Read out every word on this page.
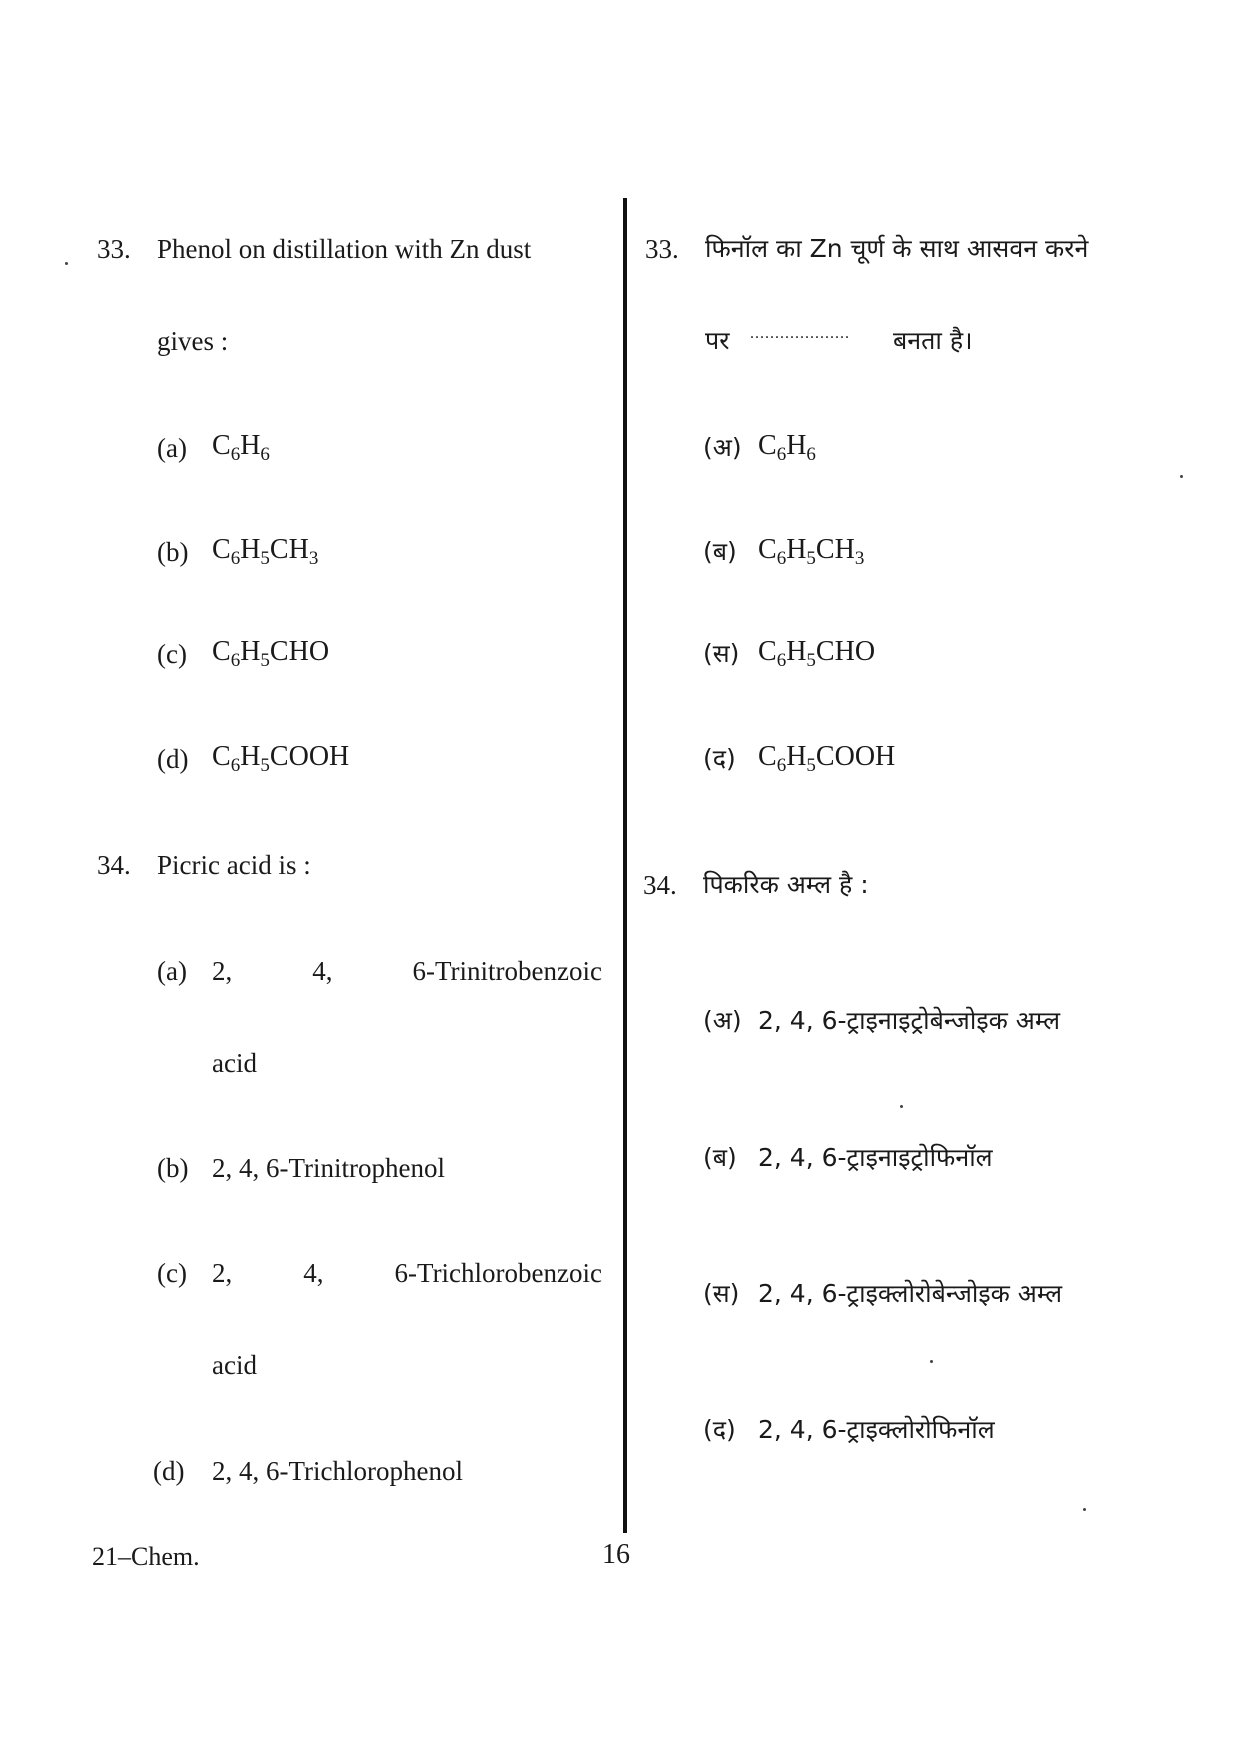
33. Phenol on distillation with Zn dust
gives :
(a) $C_6H_6$
(b) $C_6H_5CH_3$
(c) $C_6H_5CHO$
(d) $C_6H_5COOH$
34. Picric acid is :
(a) 2,	4,	6-Trinitrobenzoic
acid
(b) 2, 4, 6-Trinitrophenol
(c) 2,	4,	6-Trichlorobenzoic
acid
(d) 2, 4, 6-Trichlorophenol
33. फिनॉल का Zn चूर्ण के साथ आसवन करने
पर .................... बनता है।
(अ) $C_6H_6$
(ब) $C_6H_5CH_3$
(स) $C_6H_5CHO$
(द) $C_6H_5COOH$
34. पिकरिक अम्ल है :
(अ) 2, 4, 6-ट्राइनाइट्रोबेन्जोइक अम्ल
(ब) 2, 4, 6-ट्राइनाइट्रोफिनॉल
(स) 2, 4, 6-ट्राइक्लोरोबेन्जोइक अम्ल
(द) 2, 4, 6-ट्राइक्लोरोफिनॉल
21–Chem.	16
